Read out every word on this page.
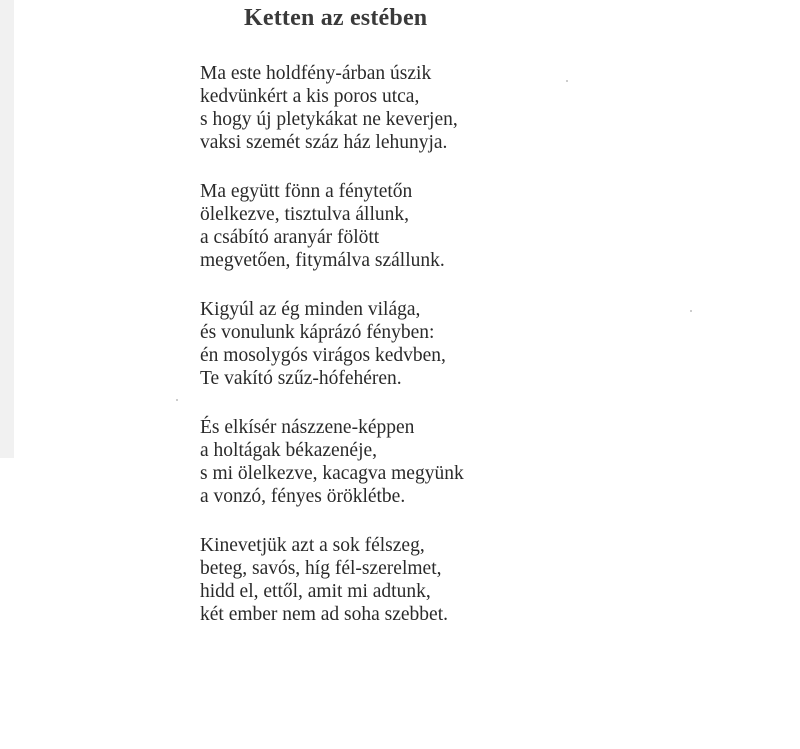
Ketten az estében
Ma este holdfény-árban úszik
kedvünkért a kis poros utca,
s hogy új pletykákat ne keverjen,
vaksi szemét száz ház lehunyja.
Ma együtt fönn a fénytetőn
ölelkezve, tisztulva állunk,
a csábító aranyár fölött
megvetően, fitymálva szállunk.
Kigyúl az ég minden világa,
és vonulunk káprázó fényben:
én mosolygós virágos kedvben,
Te vakító szűz-hófehéren.
És elkísér nászzene-képpen
a holtágak békazenéje,
s mi ölelkezve, kacagva megyünk
a vonzó, fényes öröklétbe.
Kinevetjük azt a sok félszeg,
beteg, savós, híg fél-szerelmet,
hidd el, ettől, amit mi adtunk,
két ember nem ad soha szebbet.
